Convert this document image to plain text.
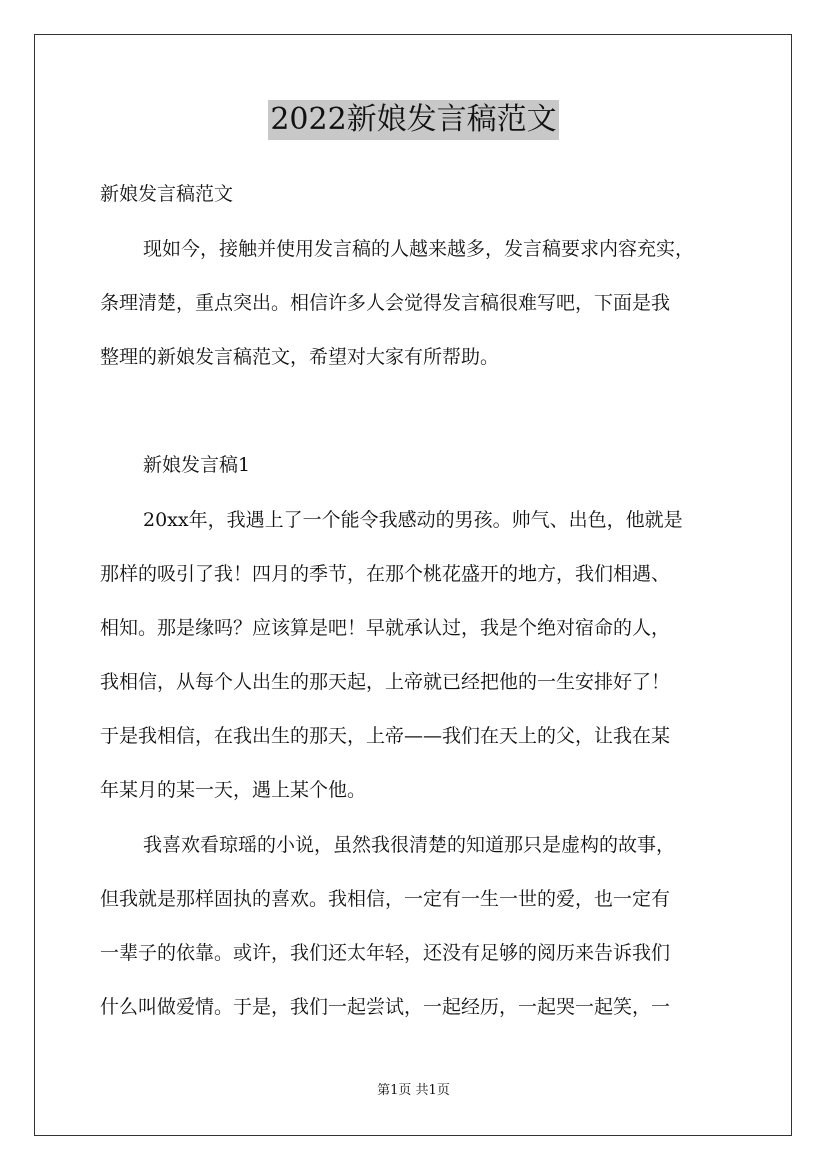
2022新娘发言稿范文
新娘发言稿范文
现如今，接触并使用发言稿的人越来越多，发言稿要求内容充实，
条理清楚，重点突出。相信许多人会觉得发言稿很难写吧，下面是我
整理的新娘发言稿范文，希望对大家有所帮助。
新娘发言稿1
20xx年，我遇上了一个能令我感动的男孩。帅气、出色，他就是
那样的吸引了我！四月的季节，在那个桃花盛开的地方，我们相遇、
相知。那是缘吗？应该算是吧！早就承认过，我是个绝对宿命的人，
我相信，从每个人出生的那天起，上帝就已经把他的一生安排好了！
于是我相信，在我出生的那天，上帝——我们在天上的父，让我在某
年某月的某一天，遇上某个他。
我喜欢看琼瑶的小说，虽然我很清楚的知道那只是虚构的故事，
但我就是那样固执的喜欢。我相信，一定有一生一世的爱，也一定有
一辈子的依靠。或许，我们还太年轻，还没有足够的阅历来告诉我们
什么叫做爱情。于是，我们一起尝试，一起经历，一起哭一起笑，一
第1页 共1页
